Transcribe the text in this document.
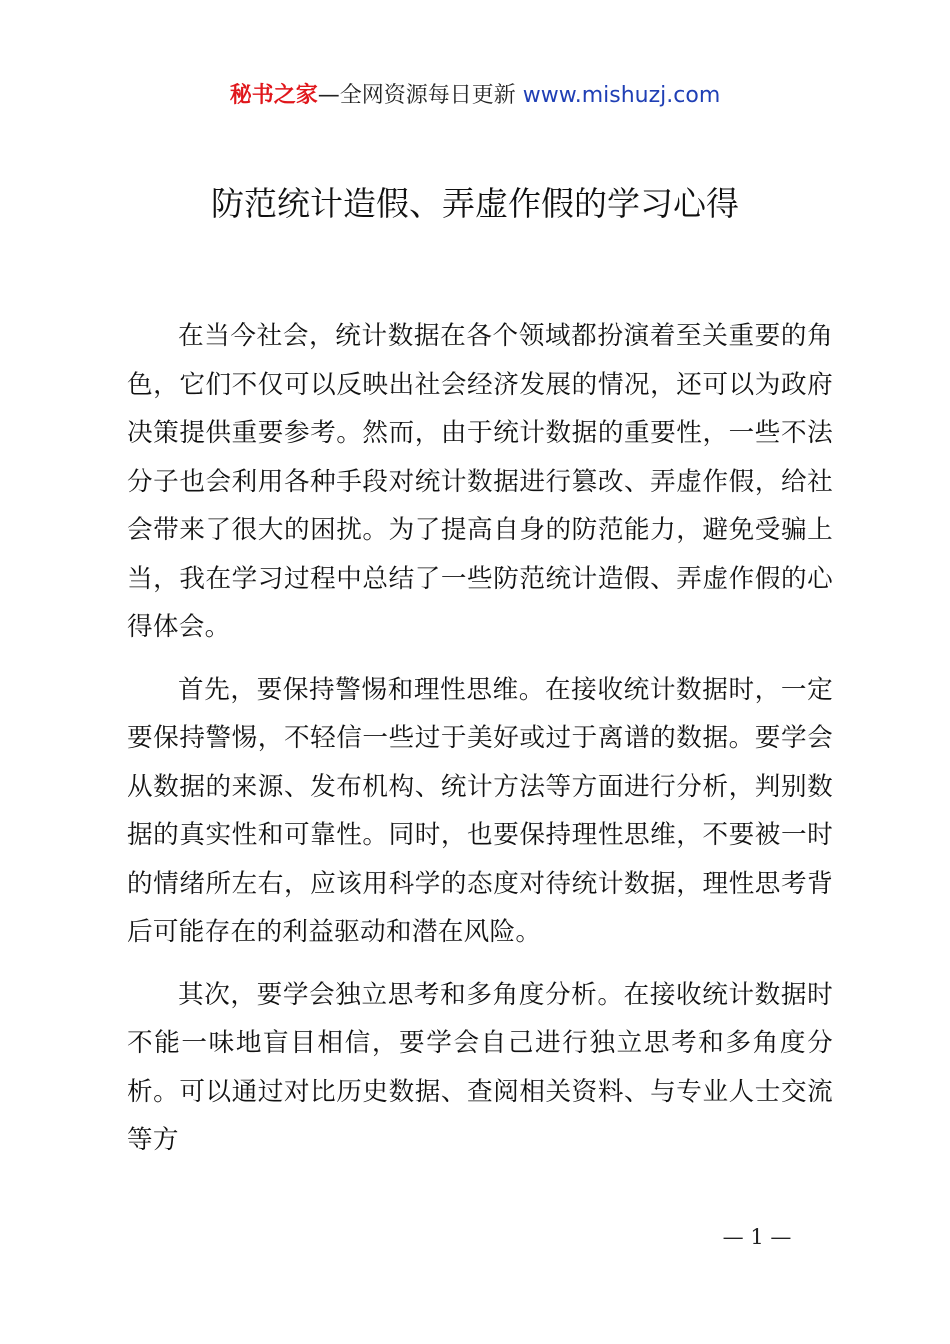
秘书之家—全网资源每日更新 www.mishuzj.com
防范统计造假、弄虚作假的学习心得

在当今社会，统计数据在各个领域都扮演着至关重要的角色，它们不仅可以反映出社会经济发展的情况，还可以为政府决策提供重要参考。然而，由于统计数据的重要性，一些不法分子也会利用各种手段对统计数据进行篡改、弄虚作假，给社会带来了很大的困扰。为了提高自身的防范能力，避免受骗上当，我在学习过程中总结了一些防范统计造假、弄虚作假的心得体会。

首先，要保持警惕和理性思维。在接收统计数据时，一定要保持警惕，不轻信一些过于美好或过于离谱的数据。要学会从数据的来源、发布机构、统计方法等方面进行分析，判别数据的真实性和可靠性。同时，也要保持理性思维，不要被一时的情绪所左右，应该用科学的态度对待统计数据，理性思考背后可能存在的利益驱动和潜在风险。

其次，要学会独立思考和多角度分析。在接收统计数据时不能一味地盲目相信，要学会自己进行独立思考和多角度分析。可以通过对比历史数据、查阅相关资料、与专业人士交流等方

— 1 —
